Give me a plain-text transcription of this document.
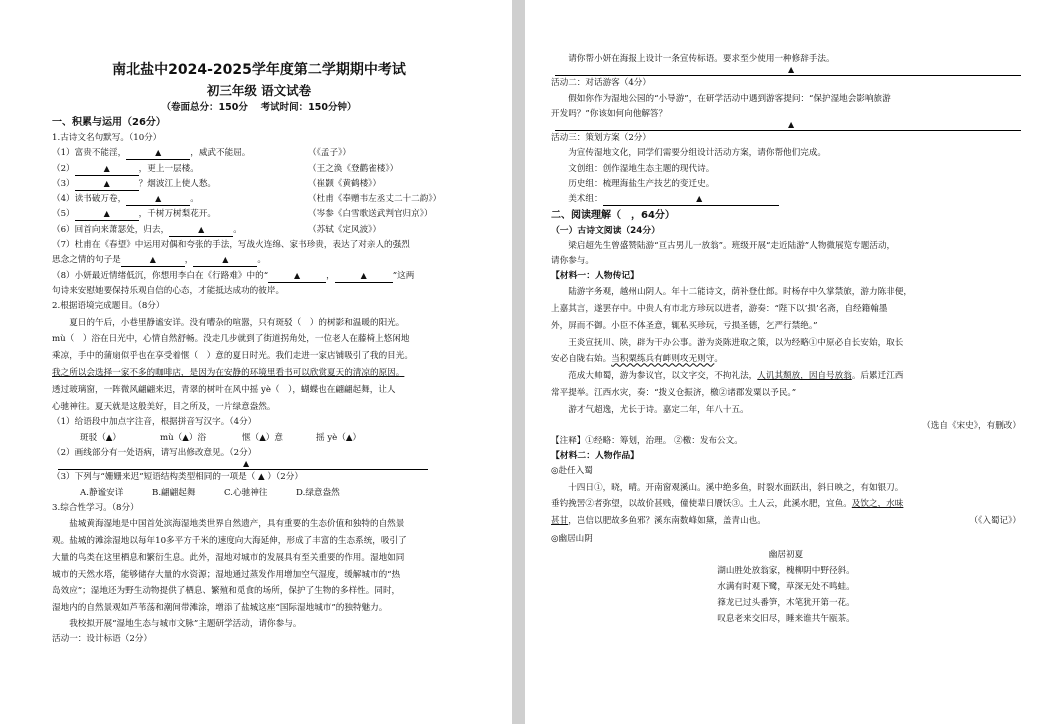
南北盐中2024-2025学年度第二学期期中考试
初三年级 语文试卷
（卷面总分：150分　 考试时间：150分钟）
一、积累与运用（26分）
1.古诗文名句默写。（10分）
（1）富贵不能淫，	▲	，威武不能屈。	（《孟子》）
（2）	▲	，更上一层楼。	（王之涣《登鹳雀楼》）
（3）	▲	？烟波江上使人愁。	（崔颢《黄鹤楼》）
（4）读书破万卷，	▲	。	（杜甫《奉赠韦左丞丈二十二韵》）
（5）	▲	，千树万树梨花开。	（岑参《白雪歌送武判官归京》）
（6）回首向来萧瑟处，归去，	▲	。	（苏轼《定风波》）
（7）杜甫在《春望》中运用对偶和夸张的手法，写战火连绵、家书珍贵，表达了对亲人的强烈
思念之情的句子是	▲	，	▲	。
（8）小妍最近情绪低沉，你想用李白在《行路难》中的“	▲	，	▲	”这两
句诗来安慰她要保持乐观自信的心态，才能抵达成功的彼岸。
2.根据语境完成题目。（8分）
夏日的午后，小巷里静谧安详。没有嘈杂的喧嚣，只有斑驳（　）的树影和温暖的阳光。
mù（　）浴在日光中，心情自然舒畅。没走几步就到了街道拐角处，一位老人在藤椅上悠闲地
乘凉，手中的蒲扇似乎也在享受着惬（　）意的夏日时光。我们走进一家店铺吸引了我的目光。
我之所以会选择一家不多的咖啡店，是因为在安静的环境里看书可以欣赏夏天的清凉的原因。
透过玻璃窗，一阵微风翩翩来迟，青翠的树叶在风中摇 yè（　），蝴蝶也在翩翩起舞，让人
心驰神往。夏天就是这般美好，目之所及，一片绿意盎然。
（1）给语段中加点字注音，根据拼音写汉字。（4分）
斑驳（▲）	mù（▲）浴	惬（▲）意	摇 yè（▲）
（2）画线部分有一处语病，请写出修改意见。（2分）
▲
（3）下列与“姗姗来迟”短语结构类型相同的一项是（ ▲ ）（2分）
A.静谧安详	B.翩翩起舞	C.心驰神往	D.绿意盎然
3.综合性学习。（8分）
盐城黄海湿地是中国首处滨海湿地类世界自然遗产，具有重要的生态价值和独特的自然景
观。盐城的滩涂湿地以每年10多平方千米的速度向大海延伸，形成了丰富的生态系统，吸引了
大量的鸟类在这里栖息和繁衍生息。此外，湿地对城市的发展具有至关重要的作用。湿地如同
城市的天然水塔，能够储存大量的水资源；湿地通过蒸发作用增加空气湿度，缓解城市的“热
岛效应”；湿地还为野生动物提供了栖息、繁殖和觅食的场所，保护了生物的多样性。同时，
湿地内的自然景观如芦苇荡和潮间带滩涂，增添了盐城这座“国际湿地城市”的独特魅力。
我校拟开展“湿地生态与城市文脉”主题研学活动，请你参与。
活动一：设计标语（2分）
请你帮小妍在海报上设计一条宣传标语。要求至少使用一种修辞手法。
▲
活动二：对话游客（4分）
假如你作为湿地公园的“小导游”，在研学活动中遇到游客提问：“保护湿地会影响旅游
开发吗？”你该如何向他解答？
▲
活动三：策划方案（2分）
为宣传湿地文化，同学们需要分组设计活动方案，请你帮他们完成。
文创组：创作湿地生态主题的现代诗。
历史组：梳理海盐生产技艺的变迁史。
美术组：	▲
二、阅读理解（　，64分）
（一）古诗文阅读（24分）
梁启超先生曾盛赞陆游“亘古男儿一放翁”。班级开展“走近陆游”人物微展览专题活动，
请你参与。
【材料一：人物传记】
陆游字务观，越州山阴人。年十二能诗文，荫补登仕郎。时杨存中久掌禁旅，游力陈非便，
上嘉其言，遂罢存中。中贵人有市北方珍玩以进者，游奏：“陛下以‘损’名斋，自经籍翰墨
外，屏而不御。小臣不体圣意，辄私买珍玩，亏损圣德，乞严行禁绝。”
王炎宣抚川、陕，辟为干办公事。游为炎陈进取之策，以为经略①中原必自长安始，取长
安必自陇右始。当积粟练兵有衅则攻无则守。
范成大帅蜀，游为参议官，以文字交，不拘礼法，人讥其颓放，因自号放翁。后累迁江西
常平提举。江西水灾，奏：“拨义仓振济，檄②诸郡发粟以予民。”
游才气超逸，尤长于诗。嘉定二年，年八十五。
（选自《宋史》，有删改）
【注释】①经略：筹划，治理。 ②檄：发布公文。
【材料二：人物作品】
◎赴任入蜀
十四日①，晓，晴。开南窗观溪山。溪中绝多鱼，时裂水面跃出，斜日映之，有如银刀。
垂钓挽罟②者弥望，以故价甚贱，僮使辈日餍饫③。土人云，此溪水肥，宜鱼。及饮之，水味
甚甘，岂信以肥故多鱼邪？溪东南数峰如黛，盖青山也。	（《入蜀记》）
◎幽居山阴
幽居初夏
湖山胜处放翁家，槐柳阴中野径斜。
水满有时观下鹭，草深无处不鸣蛙。
箨龙已过头番笋，木笔犹开第一花。
叹息老来交旧尽，睡来谁共午瓯茶。
